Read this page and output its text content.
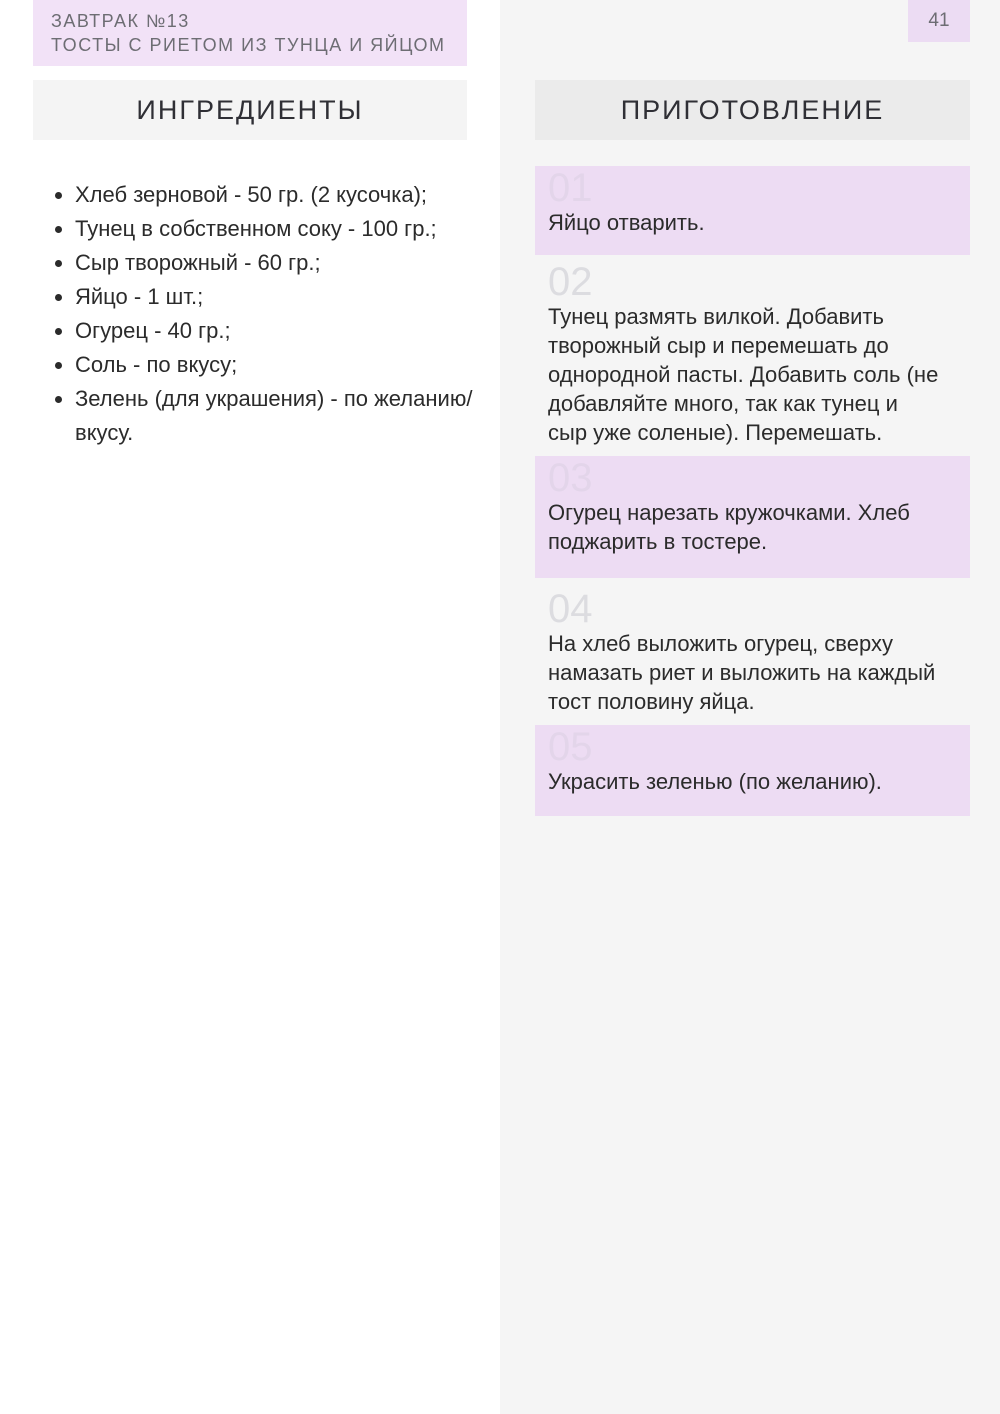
ЗАВТРАК №13
ТОСТЫ С РИЕТОМ ИЗ ТУНЦА И ЯЙЦОМ
41
ИНГРЕДИЕНТЫ	ПРИГОТОВЛЕНИЕ
• Хлеб зерновой - 50 гр. (2 кусочка);
• Тунец в собственном соку - 100 гр.;
• Сыр творожный - 60 гр.;
• Яйцо - 1 шт.;
• Огурец - 40 гр.;
• Соль - по вкусу;
• Зелень (для украшения) - по желанию/вкусу.
01
Яйцо отварить.
02
Тунец размять вилкой. Добавить творожный сыр и перемешать до однородной пасты. Добавить соль (не добавляйте много, так как тунец и сыр уже соленые). Перемешать.
03
Огурец нарезать кружочками. Хлеб поджарить в тостере.
04
На хлеб выложить огурец, сверху намазать риет и выложить на каждый тост половину яйца.
05
Украсить зеленью (по желанию).
